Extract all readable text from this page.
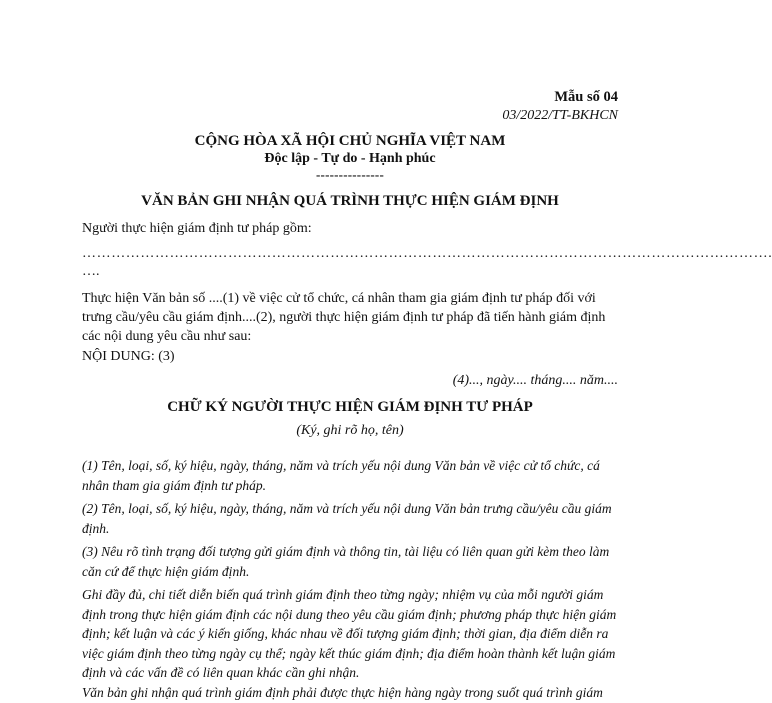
Mẫu số 04
03/2022/TT-BKHCN
CỘNG HÒA XÃ HỘI CHỦ NGHĨA VIỆT NAM
Độc lập - Tự do - Hạnh phúc
---------------
VĂN BẢN GHI NHẬN QUÁ TRÌNH THỰC HIỆN GIÁM ĐỊNH
Người thực hiện giám định tư pháp gồm:
…………………………………………………………………………………………………………………………….
….
Thực hiện Văn bản số ....(1) về việc cử tổ chức, cá nhân tham gia giám định tư pháp đối với trưng cầu/yêu cầu giám định....(2), người thực hiện giám định tư pháp đã tiến hành giám định các nội dung yêu cầu như sau:
NỘI DUNG: (3)
(4)..., ngày.... tháng.... năm....
CHỮ KÝ NGƯỜI THỰC HIỆN GIÁM ĐỊNH TƯ PHÁP
(Ký, ghi rõ họ, tên)
(1) Tên, loại, số, ký hiệu, ngày, tháng, năm và trích yếu nội dung Văn bản về việc cử tổ chức, cá nhân tham gia giám định tư pháp.
(2) Tên, loại, số, ký hiệu, ngày, tháng, năm và trích yếu nội dung Văn bản trưng cầu/yêu cầu giám định.
(3) Nêu rõ tình trạng đối tượng gửi giám định và thông tin, tài liệu có liên quan gửi kèm theo làm căn cứ để thực hiện giám định.
Ghi đầy đủ, chi tiết diễn biến quá trình giám định theo từng ngày; nhiệm vụ của mỗi người giám định trong thực hiện giám định các nội dung theo yêu cầu giám định; phương pháp thực hiện giám định; kết luận và các ý kiến giống, khác nhau về đối tượng giám định; thời gian, địa điểm diễn ra việc giám định theo từng ngày cụ thể; ngày kết thúc giám định; địa điểm hoàn thành kết luận giám định và các vấn đề có liên quan khác cần ghi nhận.
Văn bản ghi nhận quá trình giám định phải được thực hiện hàng ngày trong suốt quá trình giám
